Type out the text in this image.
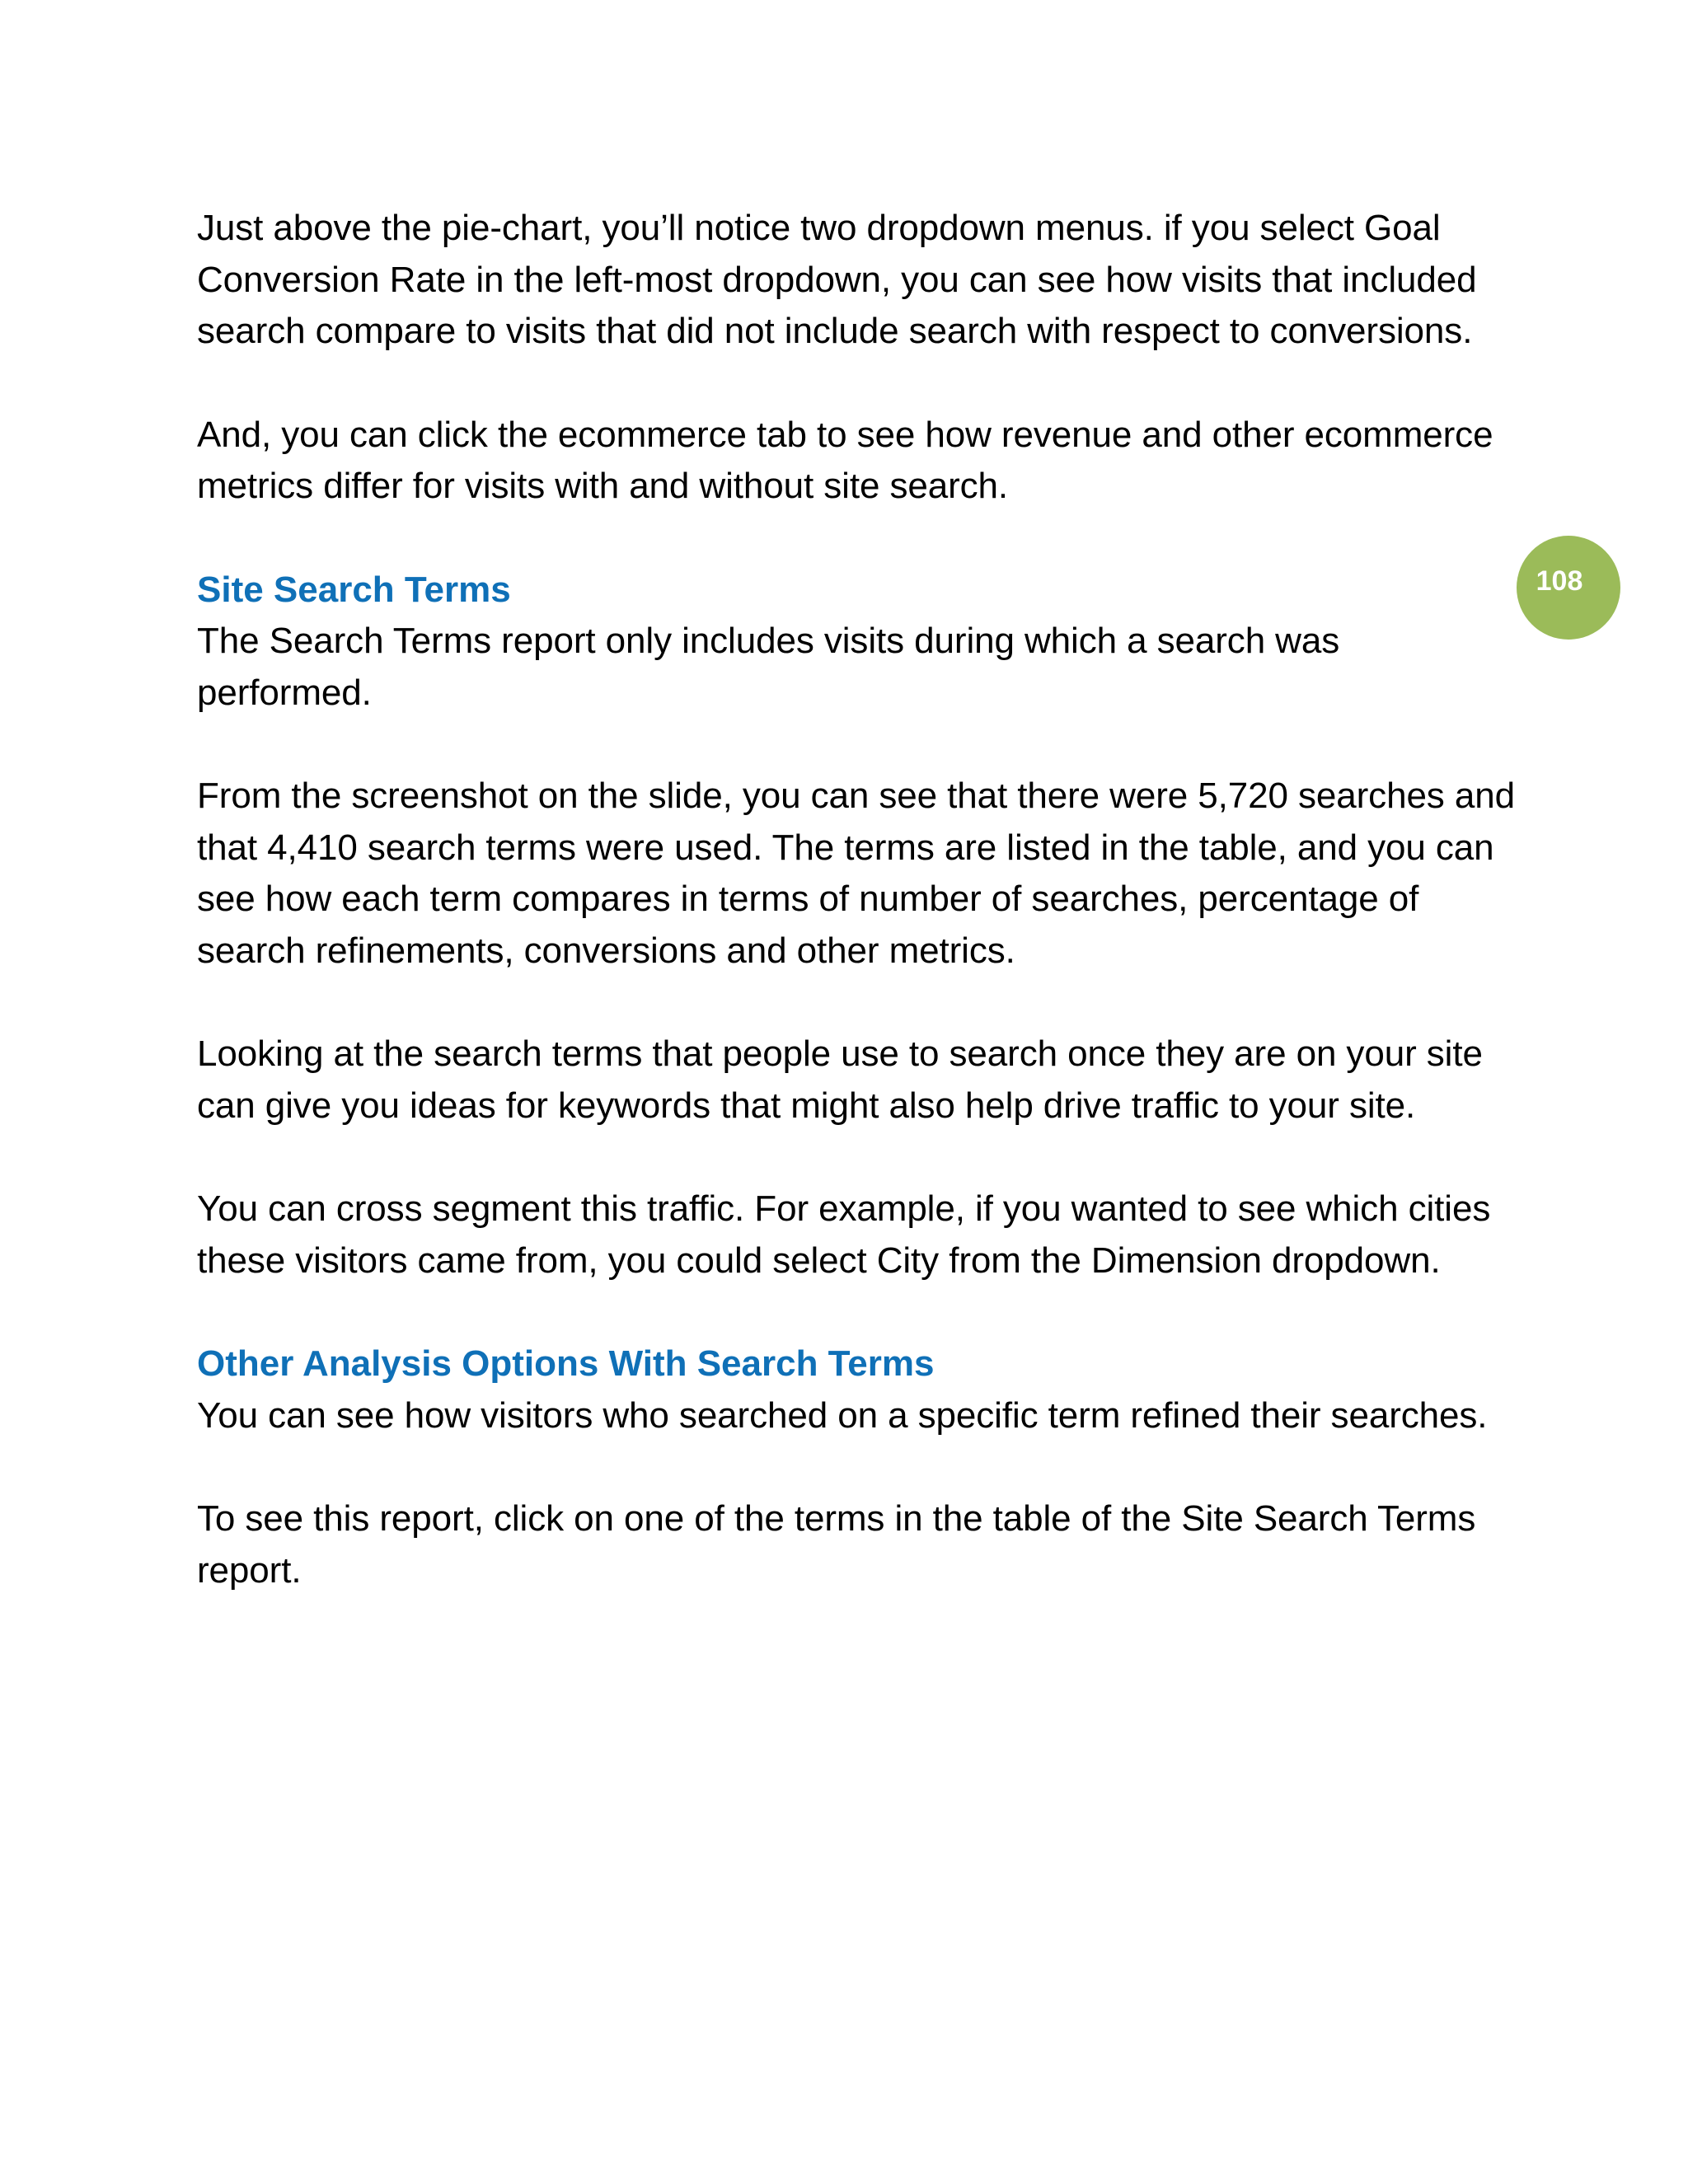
Just above the pie-chart, you’ll notice two dropdown menus. if you select Goal Conversion Rate in the left-most dropdown, you can see how visits that included search compare to visits that did not include search with respect to conversions.

And, you can click the ecommerce tab to see how revenue and other ecommerce metrics differ for visits with and without site search.

Site Search Terms

The Search Terms report only includes visits during which a search was performed.

From the screenshot on the slide, you can see that there were 5,720 searches and that 4,410 search terms were used. The terms are listed in the table, and you can see how each term compares in terms of number of searches, percentage of search refinements, conversions and other metrics.

Looking at the search terms that people use to search once they are on your site can give you ideas for keywords that might also help drive traffic to your site.

You can cross segment this traffic. For example, if you wanted to see which cities these visitors came from, you could select City from the Dimension dropdown.

Other Analysis Options With Search Terms

You can see how visitors who searched on a specific term refined their searches.

To see this report, click on one of the terms in the table of the Site Search Terms report.

108
